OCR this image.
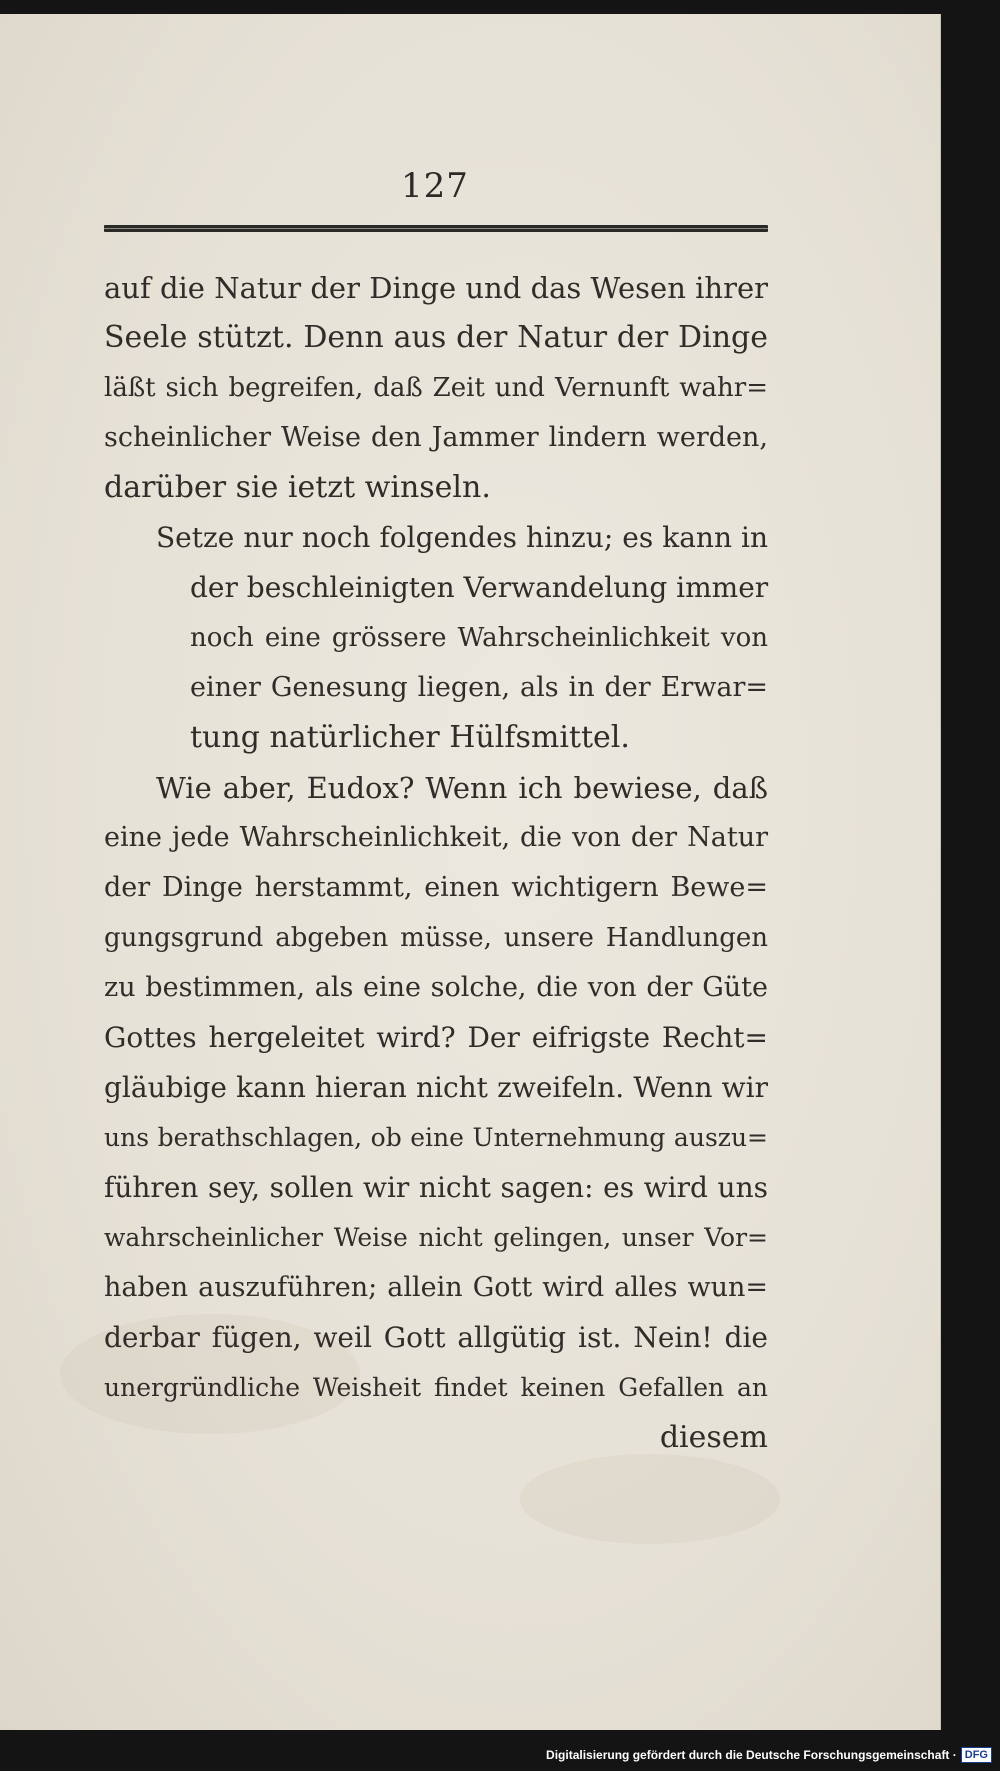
127
auf die Natur der Dinge und das Wesen ihrer
Seele stützt. Denn aus der Natur der Dinge
läßt sich begreifen, daß Zeit und Vernunft wahr=
scheinlicher Weise den Jammer lindern werden,
darüber sie ietzt winseln.
Setze nur noch folgendes hinzu; es kann in
der beschleinigten Verwandelung immer
noch eine grössere Wahrscheinlichkeit von
einer Genesung liegen, als in der Erwar=
tung natürlicher Hülfsmittel.
Wie aber, Eudox? Wenn ich bewiese, daß
eine jede Wahrscheinlichkeit, die von der Natur
der Dinge herstammt, einen wichtigern Bewe=
gungsgrund abgeben müsse, unsere Handlungen
zu bestimmen, als eine solche, die von der Güte
Gottes hergeleitet wird? Der eifrigste Recht=
gläubige kann hieran nicht zweifeln. Wenn wir
uns berathschlagen, ob eine Unternehmung auszu=
führen sey, sollen wir nicht sagen: es wird uns
wahrscheinlicher Weise nicht gelingen, unser Vor=
haben auszuführen; allein Gott wird alles wun=
derbar fügen, weil Gott allgütig ist. Nein! die
unergründliche Weisheit findet keinen Gefallen an
diesem
Digitalisierung gefördert durch die Deutsche Forschungsgemeinschaft · DFG
